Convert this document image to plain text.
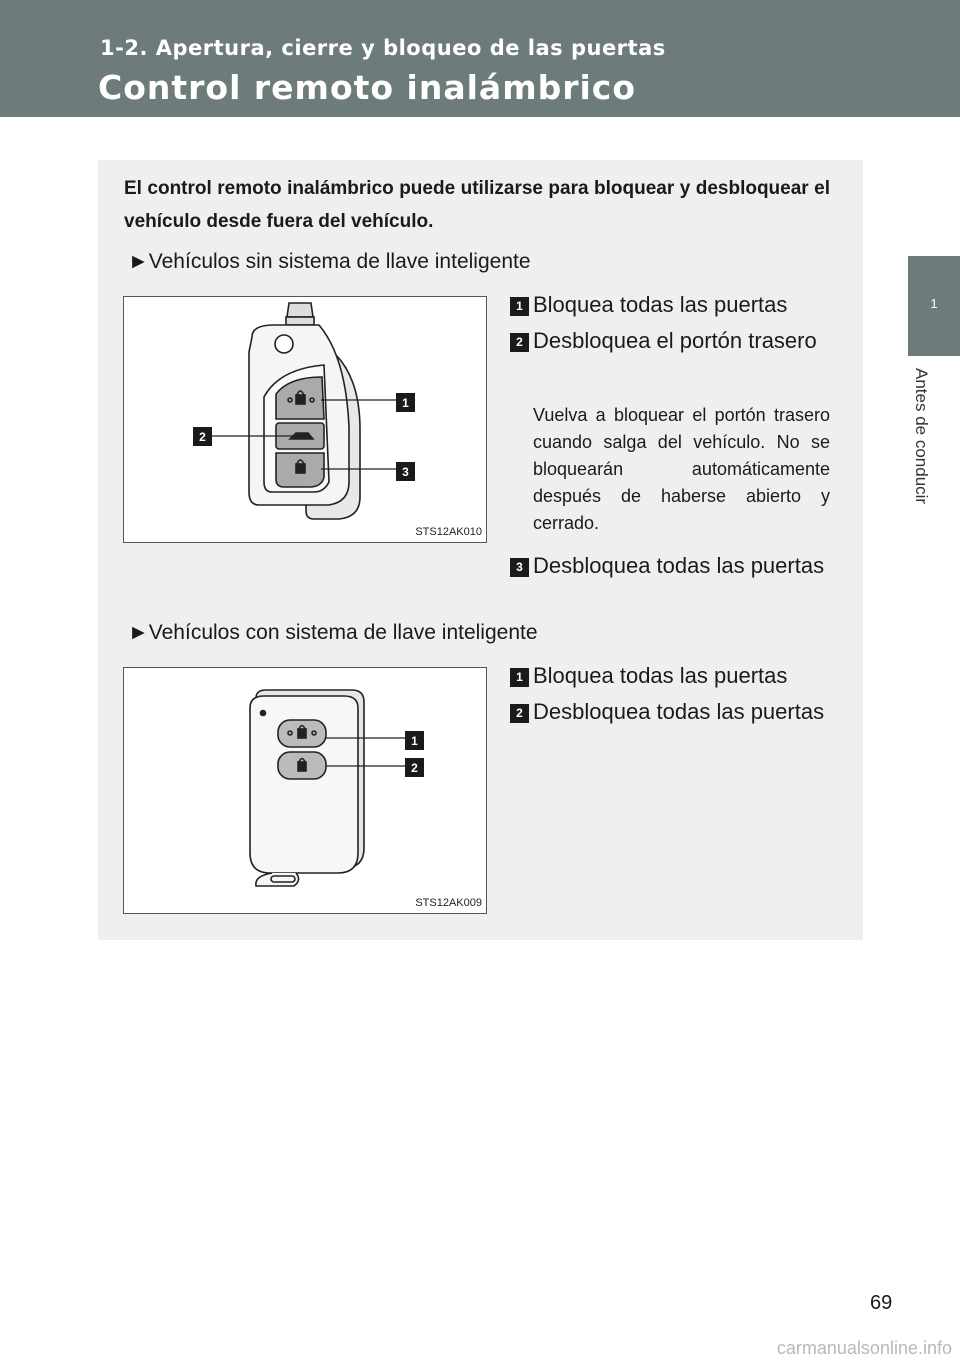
1-2. Apertura, cierre y bloqueo de las puertas
Control remoto inalámbrico
1
Antes de conducir
El control remoto inalámbrico puede utilizarse para bloquear y desbloquear el vehículo desde fuera del vehículo.
►Vehículos sin sistema de llave inteligente
1
2
3
STS12AK010
1 Bloquea todas las puertas
2 Desbloquea el portón trasero
Vuelva a bloquear el portón trasero cuando salga del vehículo. No se bloquearán automáticamente después de haberse abierto y cerrado.
3 Desbloquea todas las puertas
►Vehículos con sistema de llave inteligente
1
2
STS12AK009
1 Bloquea todas las puertas
2 Desbloquea todas las puertas
69
carmanualsonline.info
